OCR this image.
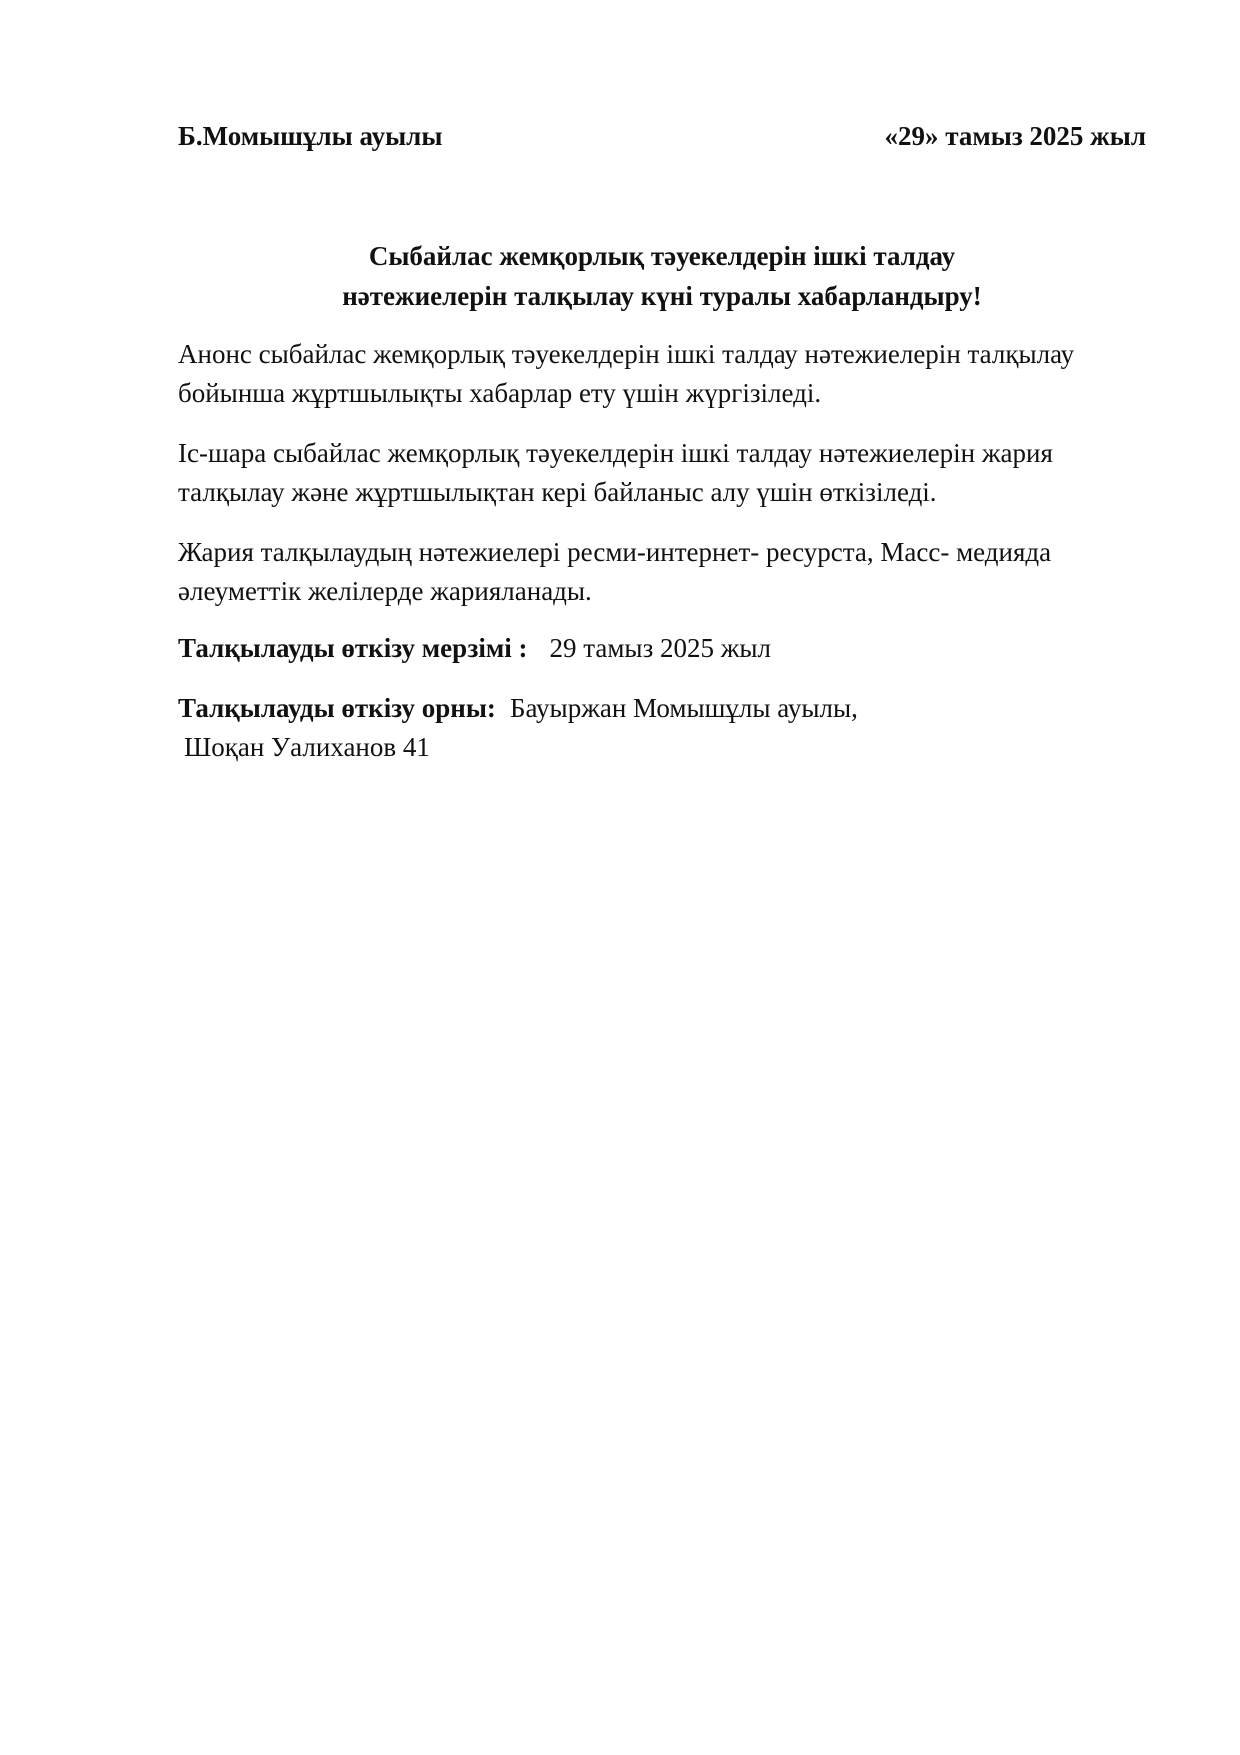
Б.Момышұлы ауылы	«29» тамыз 2025 жыл
Сыбайлас жемқорлық тәуекелдерін ішкі талдау
нәтежиелерін талқылау күні туралы хабарландыру!

Анонс сыбайлас жемқорлық тәуекелдерін ішкі талдау нәтежиелерін талқылау бойынша жұртшылықты хабарлар ету үшін жүргізіледі.

Іс-шара сыбайлас жемқорлық тәуекелдерін ішкі талдау нәтежиелерін жария талқылау және жұртшылықтан кері байланыс алу үшін өткізіледі.

Жария талқылаудың нәтежиелері ресми-интернет- ресурста, Масс- медияда әлеуметтік желілерде жарияланады.

Талқылауды өткізу мерзімі : 29 тамыз 2025 жыл
Талқылауды өткізу орны: Бауыржан Момышұлы ауылы,
Шоқан Уалиханов 41
